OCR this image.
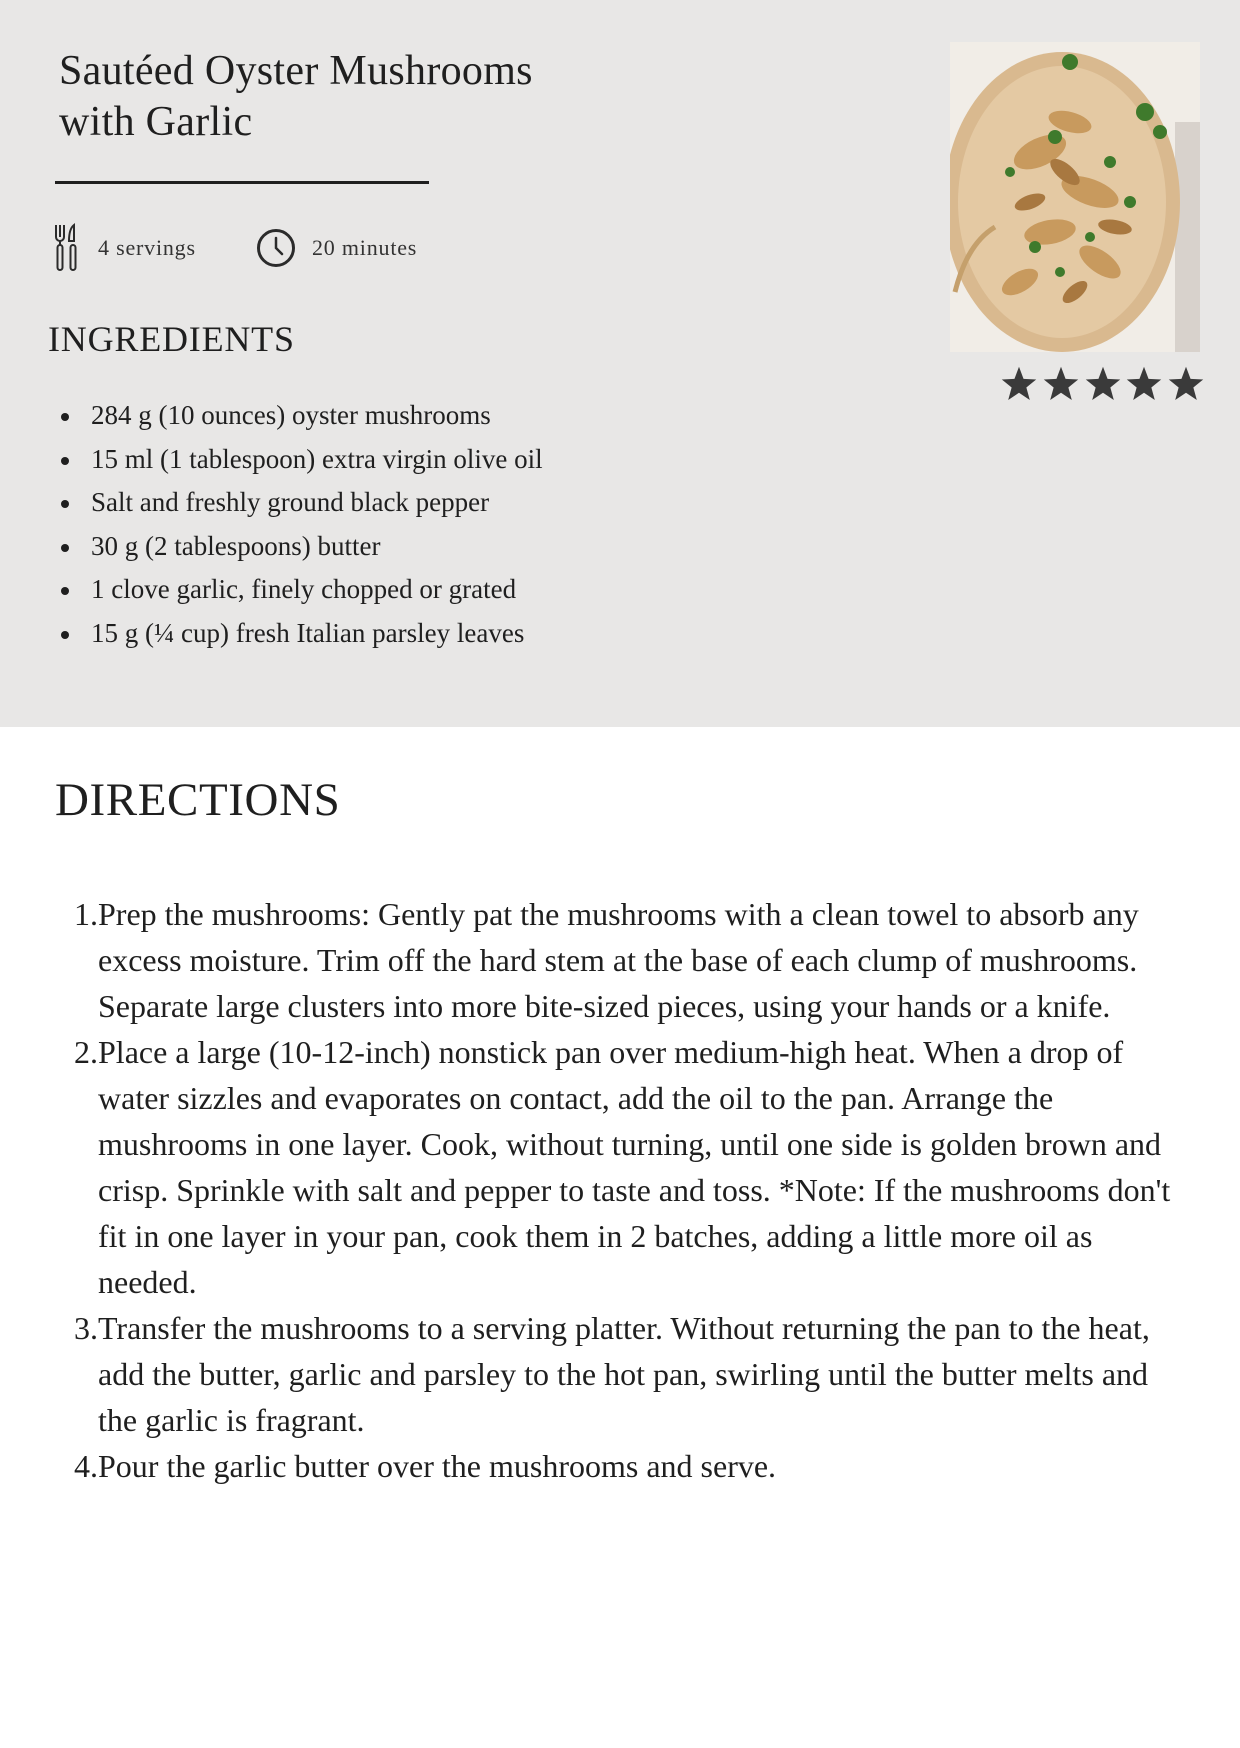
Sautéed Oyster Mushrooms
with Garlic
4 servings	20 minutes
INGREDIENTS
284 g (10 ounces) oyster mushrooms
15 ml (1 tablespoon) extra virgin olive oil
Salt and freshly ground black pepper
30 g (2 tablespoons) butter
1 clove garlic, finely chopped or grated
15 g (¼ cup) fresh Italian parsley leaves
DIRECTIONS
1. Prep the mushrooms: Gently pat the mushrooms with a clean towel to absorb any excess moisture. Trim off the hard stem at the base of each clump of mushrooms. Separate large clusters into more bite-sized pieces, using your hands or a knife.
2. Place a large (10-12-inch) nonstick pan over medium-high heat. When a drop of water sizzles and evaporates on contact, add the oil to the pan. Arrange the mushrooms in one layer. Cook, without turning, until one side is golden brown and crisp. Sprinkle with salt and pepper to taste and toss. *Note: If the mushrooms don't fit in one layer in your pan, cook them in 2 batches, adding a little more oil as needed.
3. Transfer the mushrooms to a serving platter. Without returning the pan to the heat, add the butter, garlic and parsley to the hot pan, swirling until the butter melts and the garlic is fragrant.
4. Pour the garlic butter over the mushrooms and serve.
